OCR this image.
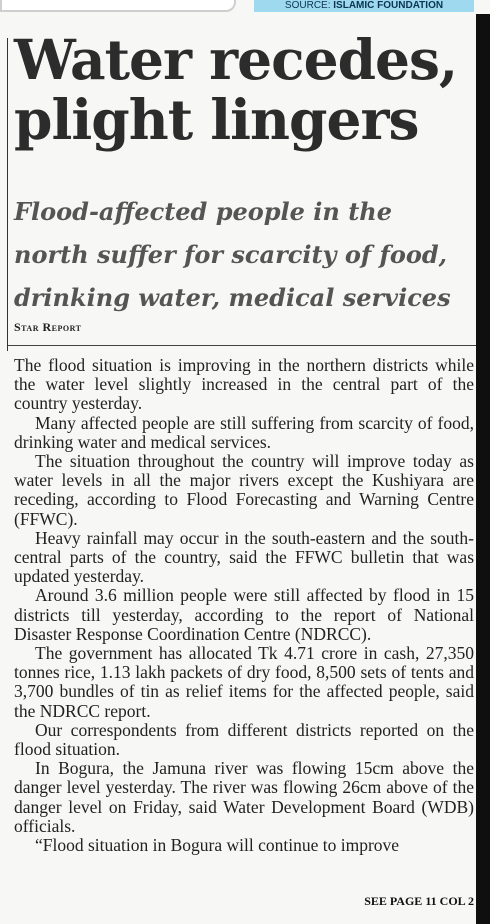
SOURCE: ISLAMIC FOUNDATION
Water recedes,
plight lingers
Flood-affected people in the
north suffer for scarcity of food,
drinking water, medical services
Star Report

The flood situation is improving in the northern districts while the water level slightly increased in the central part of the country yesterday.

Many affected people are still suffering from scarcity of food, drinking water and medical services.

The situation throughout the country will improve today as water levels in all the major rivers except the Kushiyara are receding, according to Flood Forecasting and Warning Centre (FFWC).

Heavy rainfall may occur in the south-eastern and the south-central parts of the country, said the FFWC bulletin that was updated yesterday.

Around 3.6 million people were still affected by flood in 15 districts till yesterday, according to the report of National Disaster Response Coordination Centre (NDRCC).

The government has allocated Tk 4.71 crore in cash, 27,350 tonnes rice, 1.13 lakh packets of dry food, 8,500 sets of tents and 3,700 bundles of tin as relief items for the affected people, said the NDRCC report.

Our correspondents from different districts reported on the flood situation.

In Bogura, the Jamuna river was flowing 15cm above the danger level yesterday. The river was flowing 26cm above of the danger level on Friday, said Water Development Board (WDB) officials.

“Flood situation in Bogura will continue to improve

SEE PAGE 11 COL 2
